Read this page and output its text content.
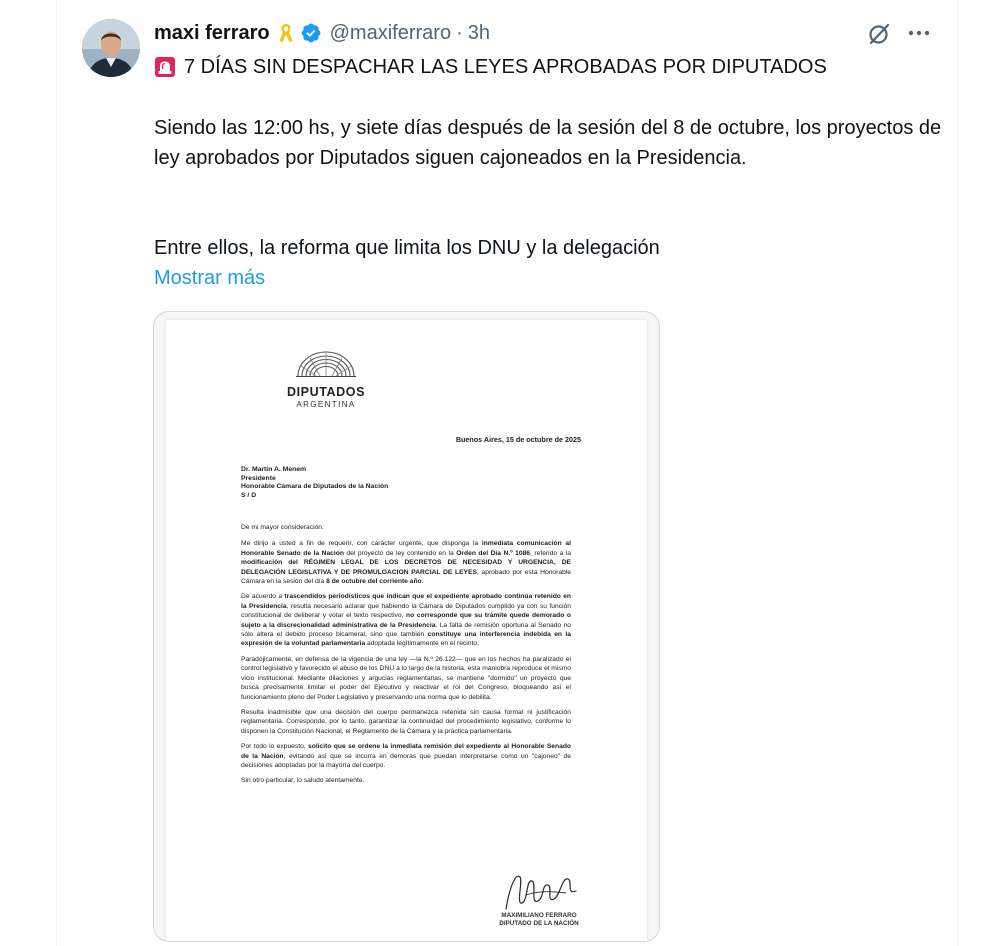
maxi ferraro	@maxiferraro · 3h
7 DÍAS SIN DESPACHAR LAS LEYES APROBADAS POR DIPUTADOS
Siendo las 12:00 hs, y siete días después de la sesión del 8 de octubre, los proyectos de ley aprobados por Diputados siguen cajoneados en la Presidencia.
Entre ellos, la reforma que limita los DNU y la delegación
Mostrar más
DIPUTADOS
ARGENTINA
Buenos Aires, 15 de octubre de 2025
Dr. Martín A. Menem
Presidente
Honorable Cámara de Diputados de la Nación
S / D

De mi mayor consideración:

Me dirijo a usted a fin de requerir, con carácter urgente, que disponga la inmediata comunicación al Honorable Senado de la Nación del proyecto de ley contenido en la Orden del Día N.º 1086, referido a la modificación del RÉGIMEN LEGAL DE LOS DECRETOS DE NECESIDAD Y URGENCIA, DE DELEGACIÓN LEGISLATIVA Y DE PROMULGACION PARCIAL DE LEYES, aprobado por esta Honorable Cámara en la sesión del día 8 de octubre del corriente año.

De acuerdo a trascendidos periodísticos que indican que el expediente aprobado continúa retenido en la Presidencia, resulta necesario aclarar que habiendo la Cámara de Diputados cumplido ya con su función constitucional de deliberar y votar el texto respectivo, no corresponde que su trámite quede demorado o sujeto a la discrecionalidad administrativa de la Presidencia. La falta de remisión oportuna al Senado no sólo altera el debido proceso bicameral, sino que también constituye una interferencia indebida en la expresión de la voluntad parlamentaria adoptada legítimamente en el recinto.

Paradójicamente, en defensa de la vigencia de una ley —la N.º 26.122— que en los hechos ha paralizado el control legislativo y favorecido el abuso de los DNU a lo largo de la historia, esta maniobra reproduce el mismo vicio institucional. Mediante dilaciones y argucias reglamentarias, se mantiene "dormido" un proyecto que busca precisamente limitar el poder del Ejecutivo y reactivar el rol del Congreso, bloqueando así el funcionamiento pleno del Poder Legislativo y preservando una norma que lo debilita.

Resulta inadmisible que una decisión del cuerpo permanezca retenida sin causa formal ni justificación reglamentaria. Corresponde, por lo tanto, garantizar la continuidad del procedimiento legislativo, conforme lo disponen la Constitución Nacional, el Reglamento de la Cámara y la práctica parlamentaria.

Por todo lo expuesto, solicito que se ordene la inmediata remisión del expediente al Honorable Senado de la Nación, evitando así que se incurra en demoras que puedan interpretarse como un "cajoneo" de decisiones adoptadas por la mayoría del cuerpo.

Sin otro particular, lo saludo atentamente.

MAXIMILIANO FERRARO
DIPUTADO DE LA NACIÓN
